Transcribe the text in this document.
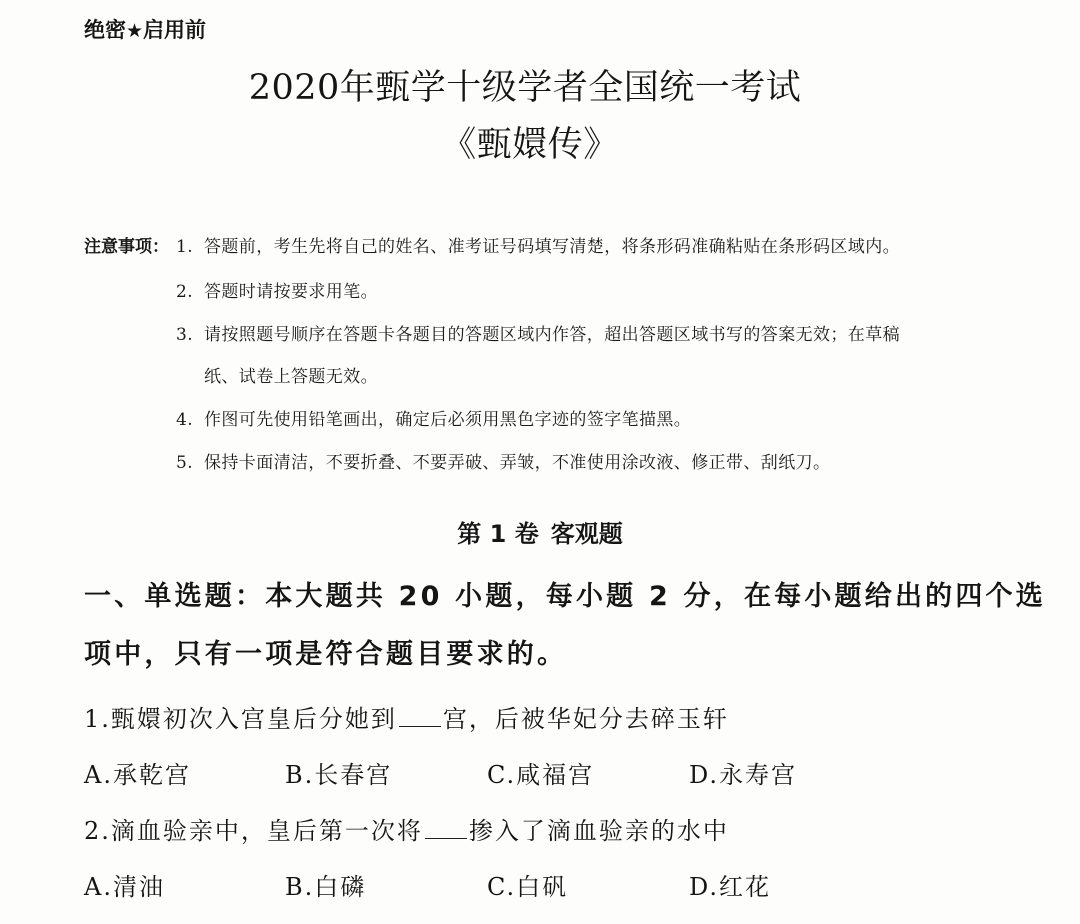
绝密★启用前
2020年甄学十级学者全国统一考试
《甄嬛传》
注意事项： 1. 答题前，考生先将自己的姓名、准考证号码填写清楚，将条形码准确粘贴在条形码区域内。
2. 答题时请按要求用笔。
3. 请按照题号顺序在答题卡各题目的答题区域内作答，超出答题区域书写的答案无效；在草稿
纸、试卷上答题无效。
4. 作图可先使用铅笔画出，确定后必须用黑色字迹的签字笔描黑。
5. 保持卡面清洁，不要折叠、不要弄破、弄皱，不准使用涂改液、修正带、刮纸刀。
第 1 卷 客观题
一、单选题：本大题共 20 小题，每小题 2 分，在每小题给出的四个选
项中，只有一项是符合题目要求的。
1.甄嬛初次入宫皇后分她到 宫，后被华妃分去碎玉轩
A.承乾宫	B.长春宫	C.咸福宫	D.永寿宫
2.滴血验亲中，皇后第一次将 掺入了滴血验亲的水中
A.清油	B.白磷	C.白矾	D.红花
